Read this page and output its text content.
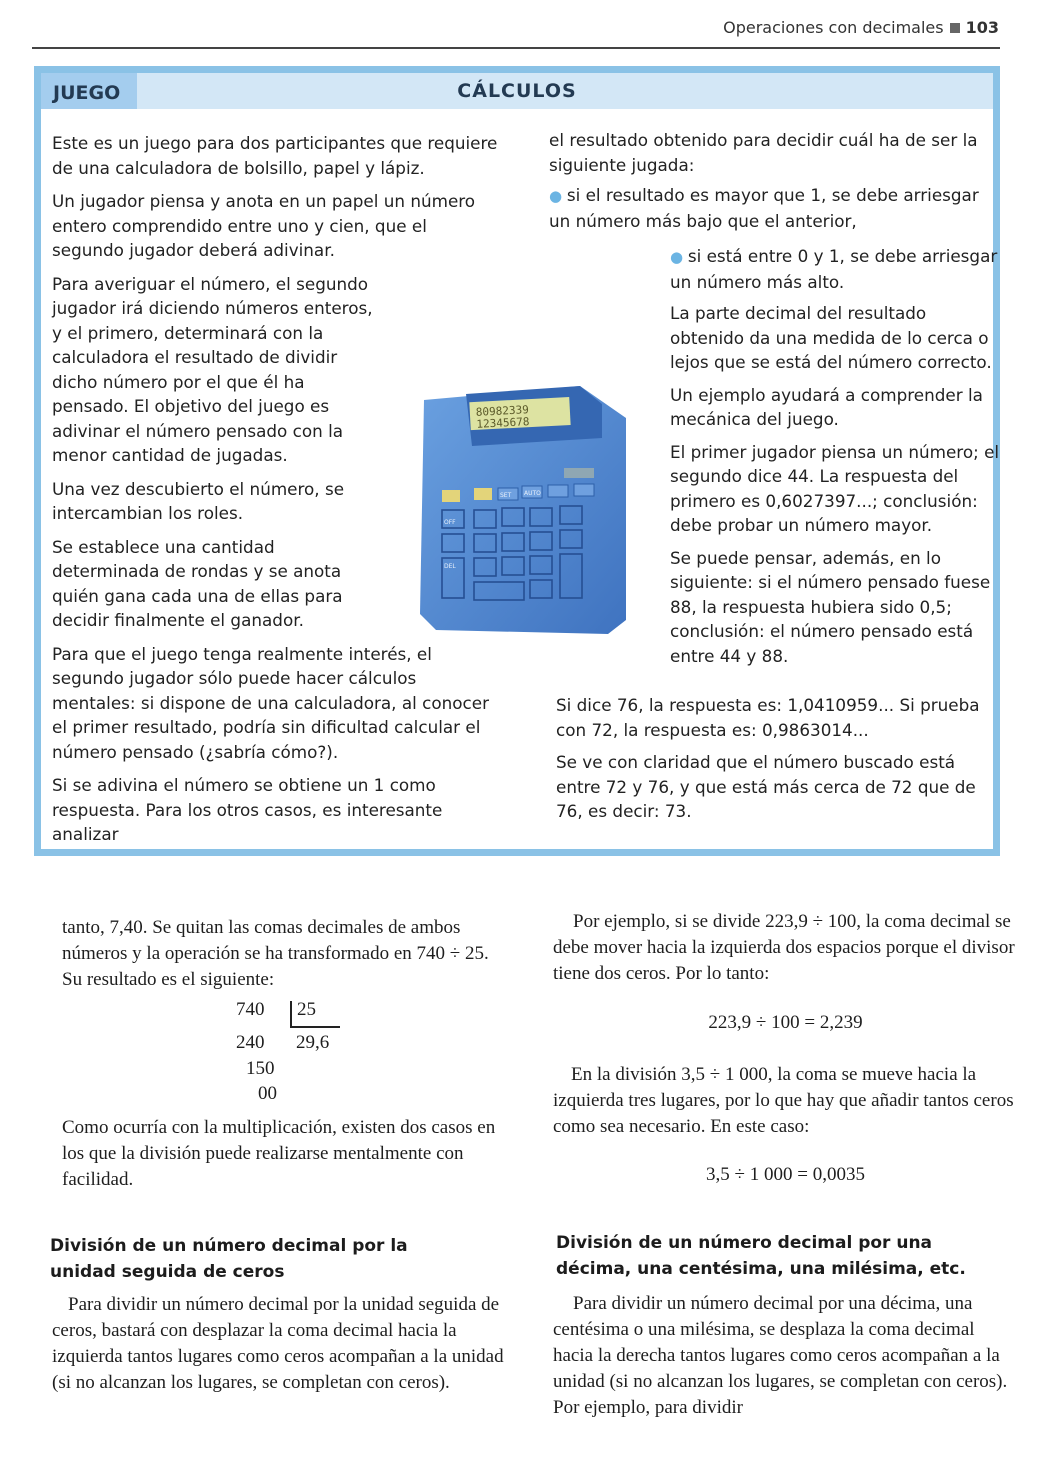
Operaciones con decimales 103
JUEGO	CÁLCULOS

Este es un juego para dos participantes que requiere de una calculadora de bolsillo, papel y lápiz.

Un jugador piensa y anota en un papel un número entero comprendido entre uno y cien, que el segundo jugador deberá adivinar.

Para averiguar el número, el segundo jugador irá diciendo números enteros, y el primero, determinará con la calculadora el resultado de dividir dicho número por el que él ha pensado. El objetivo del juego es adivinar el número pensado con la menor cantidad de jugadas.

Una vez descubierto el número, se intercambian los roles.

Se establece una cantidad determinada de rondas y se anota quién gana cada una de ellas para decidir finalmente el ganador.

Para que el juego tenga realmente interés, el segundo jugador sólo puede hacer cálculos mentales: si dispone de una calculadora, al conocer el primer resultado, podría sin dificultad calcular el número pensado (¿sabría cómo?).

Si se adivina el número se obtiene un 1 como respuesta. Para los otros casos, es interesante analizar

el resultado obtenido para decidir cuál ha de ser la siguiente jugada:

● si el resultado es mayor que 1, se debe arriesgar un número más bajo que el anterior,

● si está entre 0 y 1, se debe arriesgar un número más alto.

La parte decimal del resultado obtenido da una medida de lo cerca o lejos que se está del número correcto.

Un ejemplo ayudará a comprender la mecánica del juego.

El primer jugador piensa un número; el segundo dice 44. La respuesta del primero es 0,6027397...; conclusión: debe probar un número mayor.

Se puede pensar, además, en lo siguiente: si el número pensado fuese 88, la respuesta hubiera sido 0,5; conclusión: el número pensado está entre 44 y 88.

Si dice 76, la respuesta es: 1,0410959... Si prueba con 72, la respuesta es: 0,9863014...

Se ve con claridad que el número buscado está entre 72 y 76, y que está más cerca de 72 que de 76, es decir: 73.

80982339
12345678
SET AUTO
OFF
DEL

tanto, 7,40. Se quitan las comas decimales de ambos números y la operación se ha transformado en 740 ÷ 25. Su resultado es el siguiente:

740 25
240 29,6
150
00

Como ocurría con la multiplicación, existen dos casos en los que la división puede realizarse mentalmente con facilidad.

División de un número decimal por la unidad seguida de ceros

Para dividir un número decimal por la unidad seguida de ceros, bastará con desplazar la coma decimal hacia la izquierda tantos lugares como ceros acompañan a la unidad (si no alcanzan los lugares, se completan con ceros).

Por ejemplo, si se divide 223,9 ÷ 100, la coma decimal se debe mover hacia la izquierda dos espacios porque el divisor tiene dos ceros. Por lo tanto:

223,9 ÷ 100 = 2,239

En la división 3,5 ÷ 1 000, la coma se mueve hacia la izquierda tres lugares, por lo que hay que añadir tantos ceros como sea necesario. En este caso:

3,5 ÷ 1 000 = 0,0035
División de un número decimal por una décima, una centésima, una milésima, etc.

Para dividir un número decimal por una décima, una centésima o una milésima, se desplaza la coma decimal hacia la derecha tantos lugares como ceros acompañan a la unidad (si no alcanzan los lugares, se completan con ceros). Por ejemplo, para dividir
